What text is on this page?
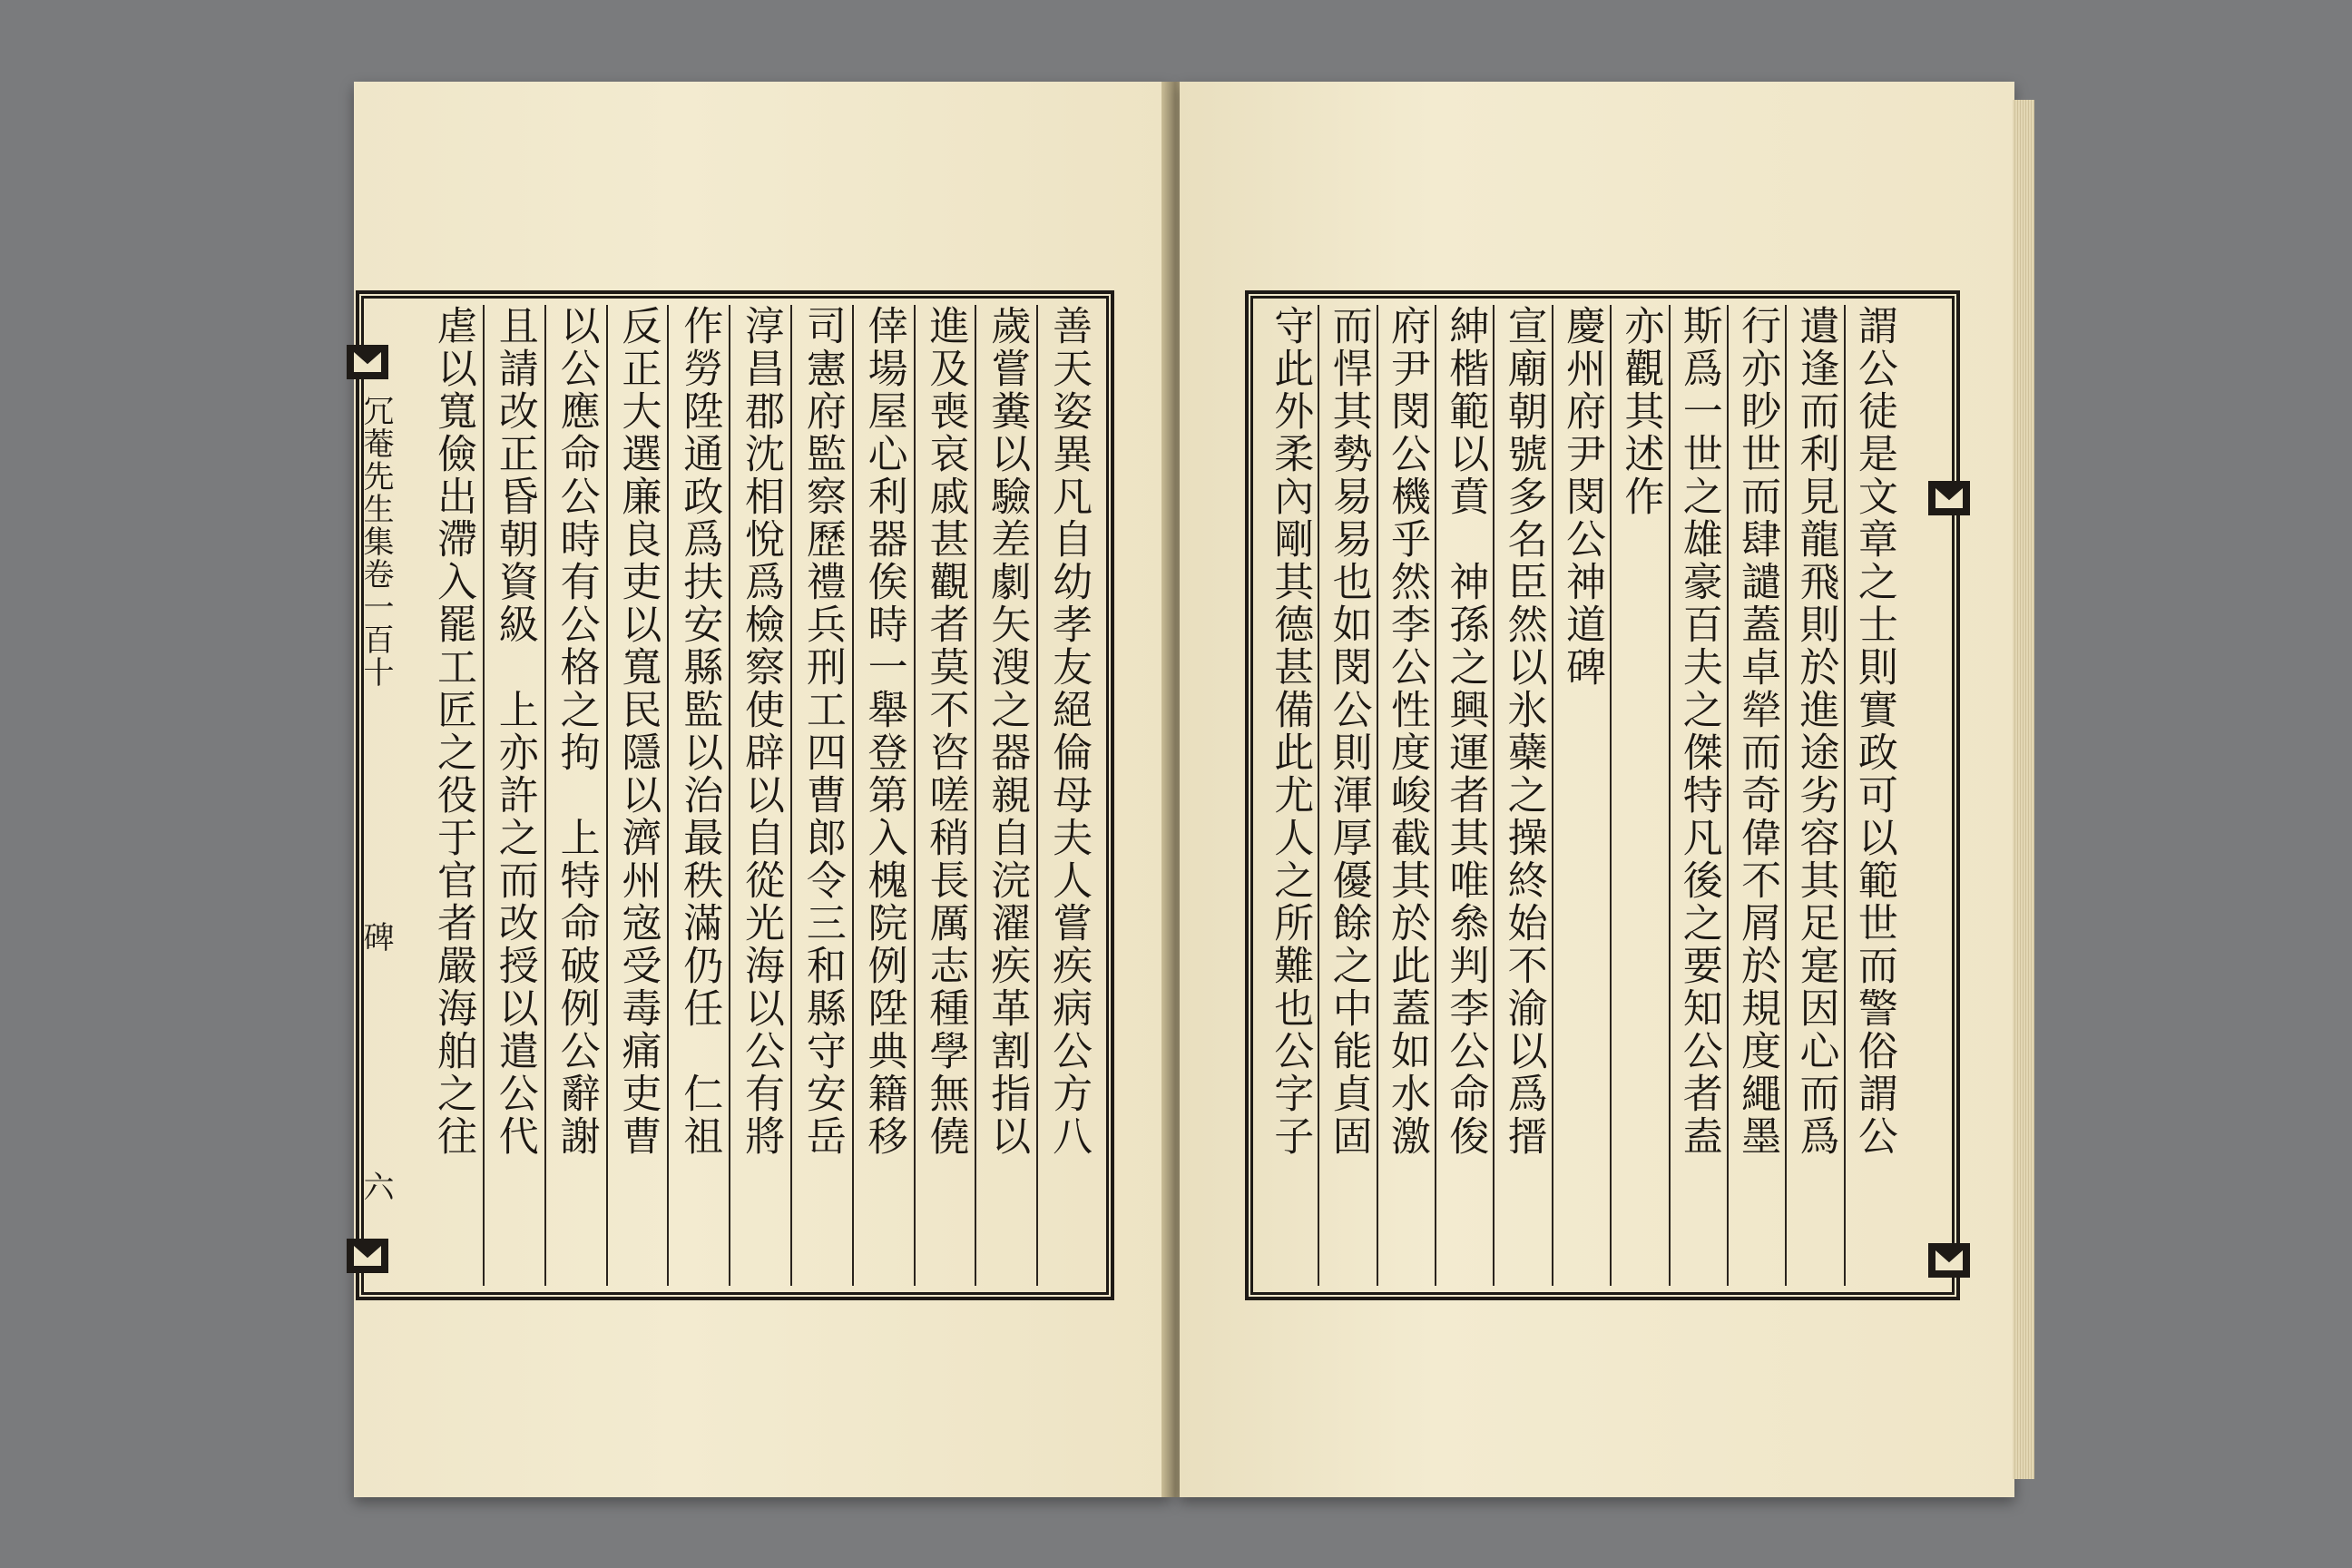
善天姿異凡自幼孝友絕倫母夫人嘗疾病公方八
歲嘗糞以驗差劇矢溲之器親自浣濯疾革割指以
進及喪哀戚甚觀者莫不咨嗟稍長厲志種學無僥
倖場屋心利器俟時一舉登第入槐院例陞典籍移
司憲府監察歷禮兵刑工四曹郎令三和縣守安岳
淳昌郡沈相悅爲檢察使辟以自從光海以公有將
作勞陞通政爲扶安縣監以治最秩滿仍任　仁祖
反正大選廉良吏以寬民隱以濟州宼受毒痛吏曹
以公應命公時有公格之拘　上特命破例公辭謝
且請改正昏朝資級　上亦許之而改授以遣公代
虐以寬儉出滯入罷工匠之役于官者嚴海舶之往
冗菴先生集卷一百十
碑
六
謂公徒是文章之士則實政可以範世而警俗謂公
遺逢而利見龍飛則於進途劣容其足寔因心而爲
行亦眇世而肆譴蓋卓犖而奇偉不屑於規度繩墨
斯爲一世之雄豪百夫之傑特凡後之要知公者盍
亦觀其述作
慶州府尹閔公神道碑
宣廟朝號多名臣然以氷蘗之操終始不渝以爲搢
紳楷範以賁　神孫之興運者其唯叅判李公命俊
府尹閔公機乎然李公性度峻截其於此蓋如水激
而悍其勢易易也如閔公則渾厚優餘之中能貞固
守此外柔內剛其德甚備此尤人之所難也公字子
